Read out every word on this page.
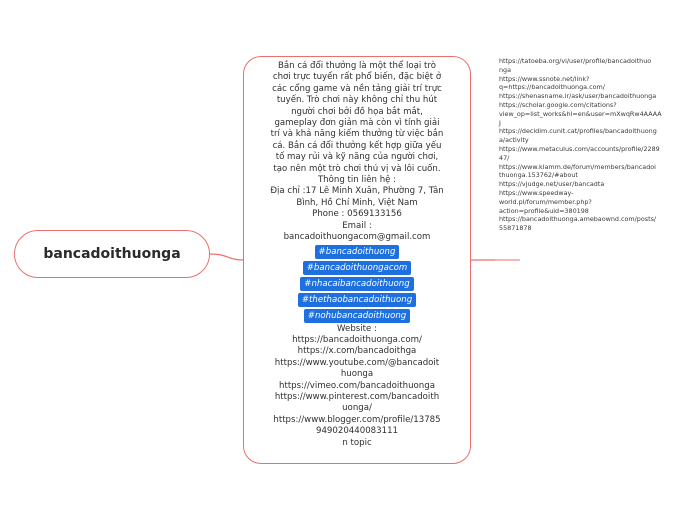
bancadoithuonga
Bắn cá đổi thưởng là một thể loại trò
chơi trực tuyến rất phổ biến, đặc biệt ở
các cổng game và nền tảng giải trí trực
tuyến. Trò chơi này không chỉ thu hút
người chơi bởi đồ họa bắt mắt,
gameplay đơn giản mà còn vì tính giải
trí và khả năng kiếm thưởng từ việc bắn
cá. Bắn cá đổi thưởng kết hợp giữa yếu
tố may rủi và kỹ năng của người chơi,
tạo nên một trò chơi thú vị và lôi cuốn.
Thông tin liên hệ :
Địa chỉ :17 Lê Minh Xuân, Phường 7, Tân
Bình, Hồ Chí Minh, Việt Nam
Phone : 0569133156
Email :
bancadoithuongacom@gmail.com
#bancadoithuong
#bancadoithuongacom
#nhacaibancadoithuong
#thethaobancadoithuong
#nohubancadoithuong
Website :
https://bancadoithuonga.com/
https://x.com/bancadoithga
https://www.youtube.com/@bancadoit
huonga
https://vimeo.com/bancadoithuonga
https://www.pinterest.com/bancadoith
uonga/
https://www.blogger.com/profile/13785
949020440083111
n topic
https://tatoeba.org/vi/user/profile/bancadoithuo
nga
https://www.ssnote.net/link?
q=https://bancadoithuonga.com/
https://shenasname.ir/ask/user/bancadoithuonga
https://scholar.google.com/citations?
view_op=list_works&hl=en&user=mXwqRw4AAAA
J
https://decidim.cunit.cat/profiles/bancadoithuong
a/activity
https://www.metaculus.com/accounts/profile/2289
47/
https://www.klamm.de/forum/members/bancadoi
thuonga.153762/#about
https://vjudge.net/user/bancadta
https://www.speedway-
world.pl/forum/member.php?
action=profile&uid=380198
https://bancadoithuonga.amebaownd.com/posts/
55871878
